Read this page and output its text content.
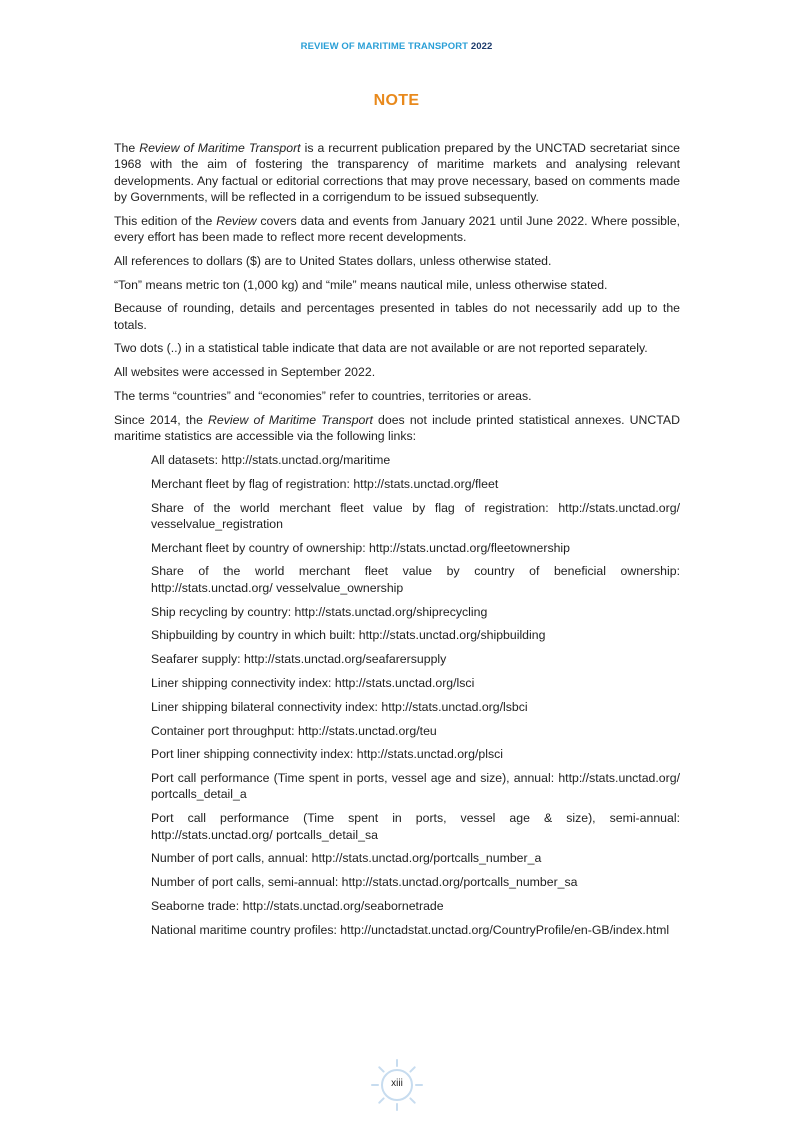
REVIEW OF MARITIME TRANSPORT 2022
NOTE

The Review of Maritime Transport is a recurrent publication prepared by the UNCTAD secretariat since 1968 with the aim of fostering the transparency of maritime markets and analysing relevant developments. Any factual or editorial corrections that may prove necessary, based on comments made by Governments, will be reflected in a corrigendum to be issued subsequently.

This edition of the Review covers data and events from January 2021 until June 2022. Where possible, every effort has been made to reflect more recent developments.

All references to dollars ($) are to United States dollars, unless otherwise stated.

“Ton” means metric ton (1,000 kg) and “mile” means nautical mile, unless otherwise stated.

Because of rounding, details and percentages presented in tables do not necessarily add up to the totals.

Two dots (..) in a statistical table indicate that data are not available or are not reported separately.

All websites were accessed in September 2022.

The terms “countries” and “economies” refer to countries, territories or areas.

Since 2014, the Review of Maritime Transport does not include printed statistical annexes. UNCTAD maritime statistics are accessible via the following links:

All datasets: http://stats.unctad.org/maritime
Merchant fleet by flag of registration: http://stats.unctad.org/fleet
Share of the world merchant fleet value by flag of registration: http://stats.unctad.org/ vesselvalue_registration
Merchant fleet by country of ownership: http://stats.unctad.org/fleetownership
Share of the world merchant fleet value by country of beneficial ownership: http://stats.unctad.org/ vesselvalue_ownership
Ship recycling by country: http://stats.unctad.org/shiprecycling
Shipbuilding by country in which built: http://stats.unctad.org/shipbuilding
Seafarer supply: http://stats.unctad.org/seafarersupply
Liner shipping connectivity index: http://stats.unctad.org/lsci
Liner shipping bilateral connectivity index: http://stats.unctad.org/lsbci
Container port throughput: http://stats.unctad.org/teu
Port liner shipping connectivity index: http://stats.unctad.org/plsci
Port call performance (Time spent in ports, vessel age and size), annual: http://stats.unctad.org/ portcalls_detail_a
Port call performance (Time spent in ports, vessel age & size), semi-annual: http://stats.unctad.org/ portcalls_detail_sa
Number of port calls, annual: http://stats.unctad.org/portcalls_number_a
Number of port calls, semi-annual: http://stats.unctad.org/portcalls_number_sa
Seaborne trade: http://stats.unctad.org/seabornetrade
National maritime country profiles: http://unctadstat.unctad.org/CountryProfile/en-GB/index.html
xiii
